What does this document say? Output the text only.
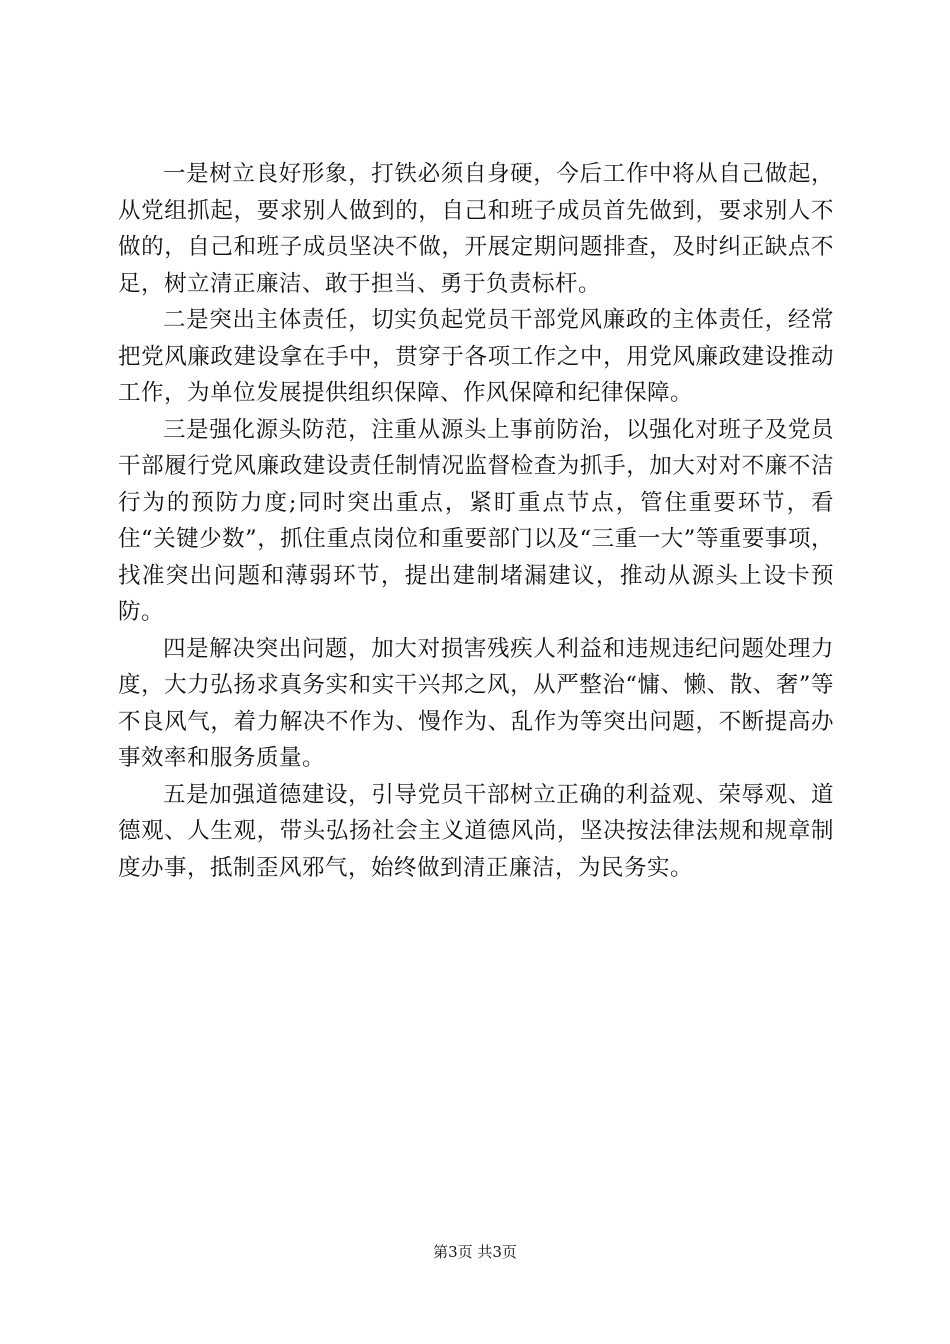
一是树立良好形象，打铁必须自身硬，今后工作中将从自己做起，从党组抓起，要求别人做到的，自己和班子成员首先做到，要求别人不做的，自己和班子成员坚决不做，开展定期问题排查，及时纠正缺点不足，树立清正廉洁、敢于担当、勇于负责标杆。

二是突出主体责任，切实负起党员干部党风廉政的主体责任，经常把党风廉政建设拿在手中，贯穿于各项工作之中，用党风廉政建设推动工作，为单位发展提供组织保障、作风保障和纪律保障。

三是强化源头防范，注重从源头上事前防治，以强化对班子及党员干部履行党风廉政建设责任制情况监督检查为抓手，加大对对不廉不洁行为的预防力度;同时突出重点，紧盯重点节点，管住重要环节，看住“关键少数”，抓住重点岗位和重要部门以及“三重一大”等重要事项，找准突出问题和薄弱环节，提出建制堵漏建议，推动从源头上设卡预防。

四是解决突出问题，加大对损害残疾人利益和违规违纪问题处理力度，大力弘扬求真务实和实干兴邦之风，从严整治“慵、懒、散、奢”等不良风气，着力解决不作为、慢作为、乱作为等突出问题，不断提高办事效率和服务质量。

五是加强道德建设，引导党员干部树立正确的利益观、荣辱观、道德观、人生观，带头弘扬社会主义道德风尚，坚决按法律法规和规章制度办事，抵制歪风邪气，始终做到清正廉洁，为民务实。

第3页 共3页
